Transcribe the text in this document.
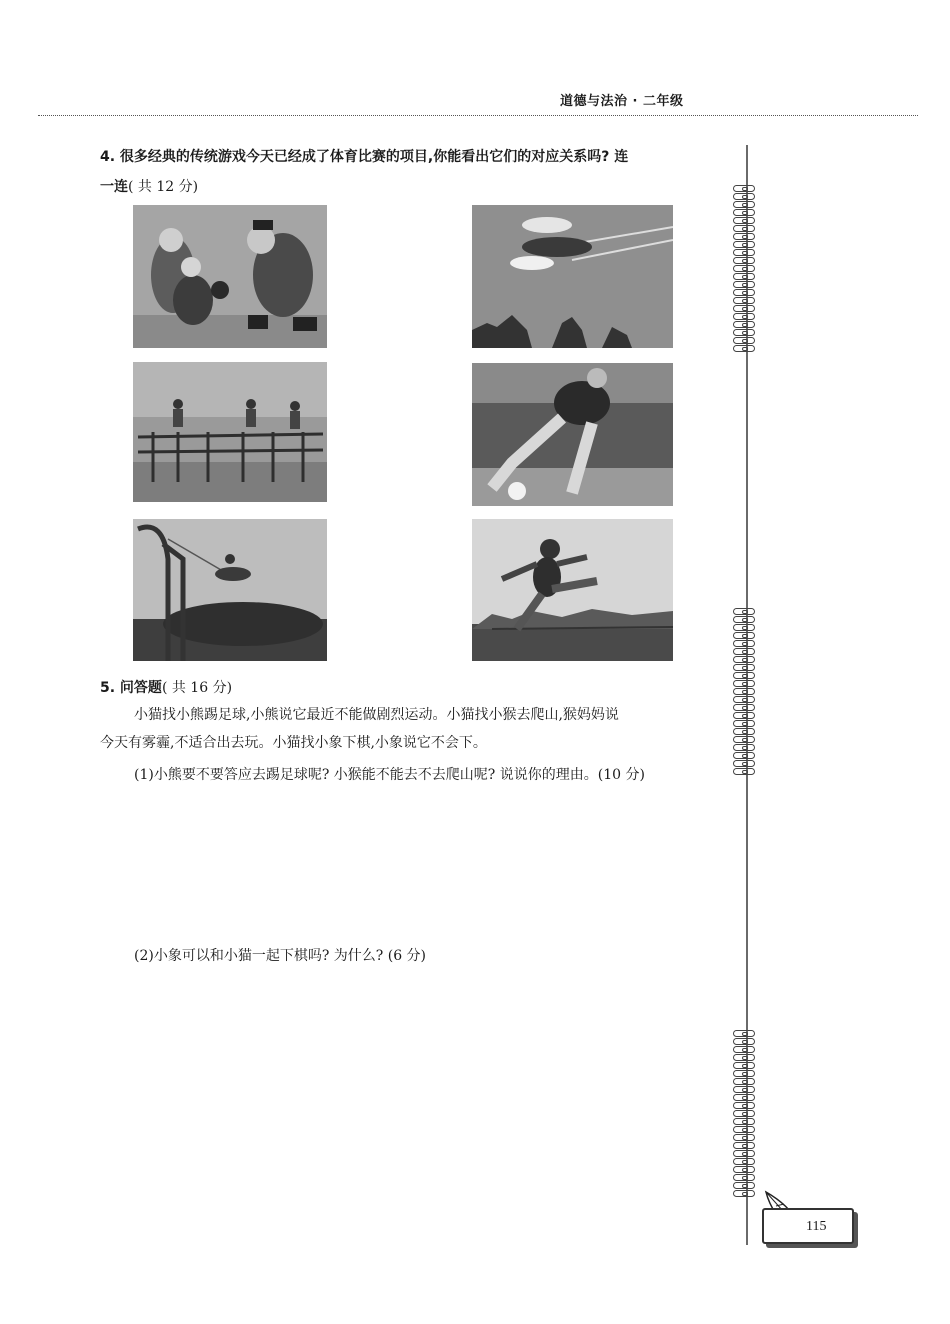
道德与法治 · 二年级
4. 很多经典的传统游戏今天已经成了体育比赛的项目,你能看出它们的对应关系吗? 连
一连( 共 12 分)
5. 问答题( 共 16 分)
小猫找小熊踢足球,小熊说它最近不能做剧烈运动。小猫找小猴去爬山,猴妈妈说
今天有雾霾,不适合出去玩。小猫找小象下棋,小象说它不会下。
(1)小熊要不要答应去踢足球呢? 小猴能不能去不去爬山呢? 说说你的理由。(10 分)
(2)小象可以和小猫一起下棋吗? 为什么? (6 分)
115
